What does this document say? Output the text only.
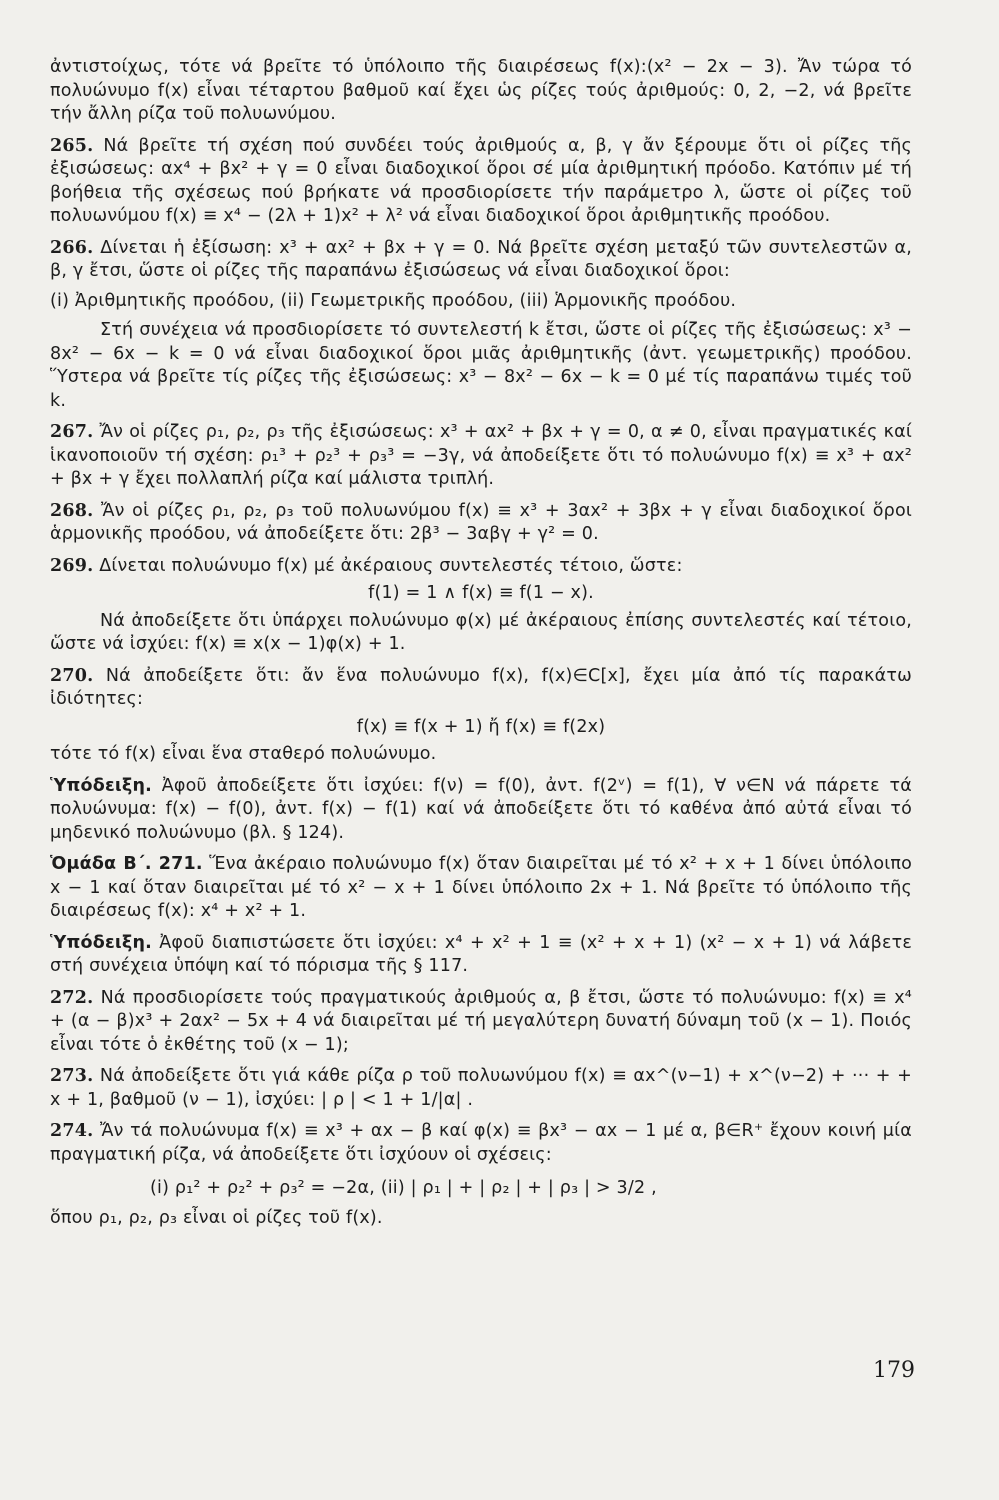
ἀντιστοίχως, τότε νά βρεῖτε τό ὑπόλοιπο τῆς διαιρέσεως f(x):(x² − 2x − 3). Ἄν τώρα τό πολυώνυμο f(x) εἶναι τέταρτου βαθμοῦ καί ἔχει ὡς ρίζες τούς ἀριθμούς: 0, 2, −2, νά βρεῖτε τήν ἄλλη ρίζα τοῦ πολυωνύμου.

265. Νά βρεῖτε τή σχέση πού συνδέει τούς ἀριθμούς α, β, γ ἄν ξέρουμε ὅτι οἱ ρίζες τῆς ἐξισώσεως: αx⁴ + βx² + γ = 0 εἶναι διαδοχικοί ὅροι σέ μία ἀριθμητική πρόοδο. Κατόπιν μέ τή βοήθεια τῆς σχέσεως πού βρήκατε νά προσδιορίσετε τήν παράμετρο λ, ὥστε οἱ ρίζες τοῦ πολυωνύμου f(x) ≡ x⁴ − (2λ + 1)x² + λ² νά εἶναι διαδοχικοί ὅροι ἀριθμητικῆς προόδου.

266. Δίνεται ἡ ἐξίσωση: x³ + αx² + βx + γ = 0. Νά βρεῖτε σχέση μεταξύ τῶν συντελεστῶν α, β, γ ἔτσι, ὥστε οἱ ρίζες τῆς παραπάνω ἐξισώσεως νά εἶναι διαδοχικοί ὅροι:

(i) Ἀριθμητικῆς προόδου, (ii) Γεωμετρικῆς προόδου, (iii) Ἁρμονικῆς προόδου.

Στή συνέχεια νά προσδιορίσετε τό συντελεστή k ἔτσι, ὥστε οἱ ρίζες τῆς ἐξισώσεως: x³ − 8x² − 6x − k = 0 νά εἶναι διαδοχικοί ὅροι μιᾶς ἀριθμητικῆς (ἀντ. γεωμετρικῆς) προόδου. Ὕστερα νά βρεῖτε τίς ρίζες τῆς ἐξισώσεως: x³ − 8x² − 6x − k = 0 μέ τίς παραπάνω τιμές τοῦ k.

267. Ἄν οἱ ρίζες ρ₁, ρ₂, ρ₃ τῆς ἐξισώσεως: x³ + αx² + βx + γ = 0, α ≠ 0, εἶναι πραγματικές καί ἱκανοποιοῦν τή σχέση: ρ₁³ + ρ₂³ + ρ₃³ = −3γ, νά ἀποδείξετε ὅτι τό πολυώνυμο f(x) ≡ x³ + αx² + βx + γ ἔχει πολλαπλή ρίζα καί μάλιστα τριπλή.

268. Ἄν οἱ ρίζες ρ₁, ρ₂, ρ₃ τοῦ πολυωνύμου f(x) ≡ x³ + 3αx² + 3βx + γ εἶναι διαδοχικοί ὅροι ἁρμονικῆς προόδου, νά ἀποδείξετε ὅτι: 2β³ − 3αβγ + γ² = 0.

269. Δίνεται πολυώνυμο f(x) μέ ἀκέραιους συντελεστές τέτοιο, ὥστε:

f(1) = 1 ∧ f(x) ≡ f(1 − x).

Νά ἀποδείξετε ὅτι ὑπάρχει πολυώνυμο φ(x) μέ ἀκέραιους ἐπίσης συντελεστές καί τέτοιο, ὥστε νά ἰσχύει: f(x) ≡ x(x − 1)φ(x) + 1.

270. Νά ἀποδείξετε ὅτι: ἄν ἕνα πολυώνυμο f(x), f(x)∈C[x], ἔχει μία ἀπό τίς παρακάτω ἰδιότητες:

f(x) ≡ f(x + 1) ἤ f(x) ≡ f(2x)

τότε τό f(x) εἶναι ἕνα σταθερό πολυώνυμο.

Ὑπόδειξη. Ἀφοῦ ἀποδείξετε ὅτι ἰσχύει: f(ν) = f(0), ἀντ. f(2ᵛ) = f(1), ∀ ν∈N νά πάρετε τά πολυώνυμα: f(x) − f(0), ἀντ. f(x) − f(1) καί νά ἀποδείξετε ὅτι τό καθένα ἀπό αὐτά εἶναι τό μηδενικό πολυώνυμο (βλ. § 124).

Ὁμάδα Β΄. 271. Ἕνα ἀκέραιο πολυώνυμο f(x) ὅταν διαιρεῖται μέ τό x² + x + 1 δίνει ὑπόλοιπο x − 1 καί ὅταν διαιρεῖται μέ τό x² − x + 1 δίνει ὑπόλοιπο 2x + 1. Νά βρεῖτε τό ὑπόλοιπο τῆς διαιρέσεως f(x): x⁴ + x² + 1.

Ὑπόδειξη. Ἀφοῦ διαπιστώσετε ὅτι ἰσχύει: x⁴ + x² + 1 ≡ (x² + x + 1) (x² − x + 1) νά λάβετε στή συνέχεια ὑπόψη καί τό πόρισμα τῆς § 117.

272. Νά προσδιορίσετε τούς πραγματικούς ἀριθμούς α, β ἔτσι, ὥστε τό πολυώνυμο: f(x) ≡ x⁴ + (α − β)x³ + 2αx² − 5x + 4 νά διαιρεῖται μέ τή μεγαλύτερη δυνατή δύναμη τοῦ (x − 1). Ποιός εἶναι τότε ὁ ἐκθέτης τοῦ (x − 1);

273. Νά ἀποδείξετε ὅτι γιά κάθε ρίζα ρ τοῦ πολυωνύμου f(x) ≡ αx^(ν−1) + x^(ν−2) + ··· + + x + 1, βαθμοῦ (ν − 1), ἰσχύει: | ρ | < 1 + 1/|α| .

274. Ἄν τά πολυώνυμα f(x) ≡ x³ + αx − β καί φ(x) ≡ βx³ − αx − 1 μέ α, β∈R⁺ ἔχουν κοινή μία πραγματική ρίζα, νά ἀποδείξετε ὅτι ἰσχύουν οἱ σχέσεις:

(i) ρ₁² + ρ₂² + ρ₃² = −2α, (ii) | ρ₁ | + | ρ₂ | + | ρ₃ | > 3/2 ,

ὅπου ρ₁, ρ₂, ρ₃ εἶναι οἱ ρίζες τοῦ f(x).

179
